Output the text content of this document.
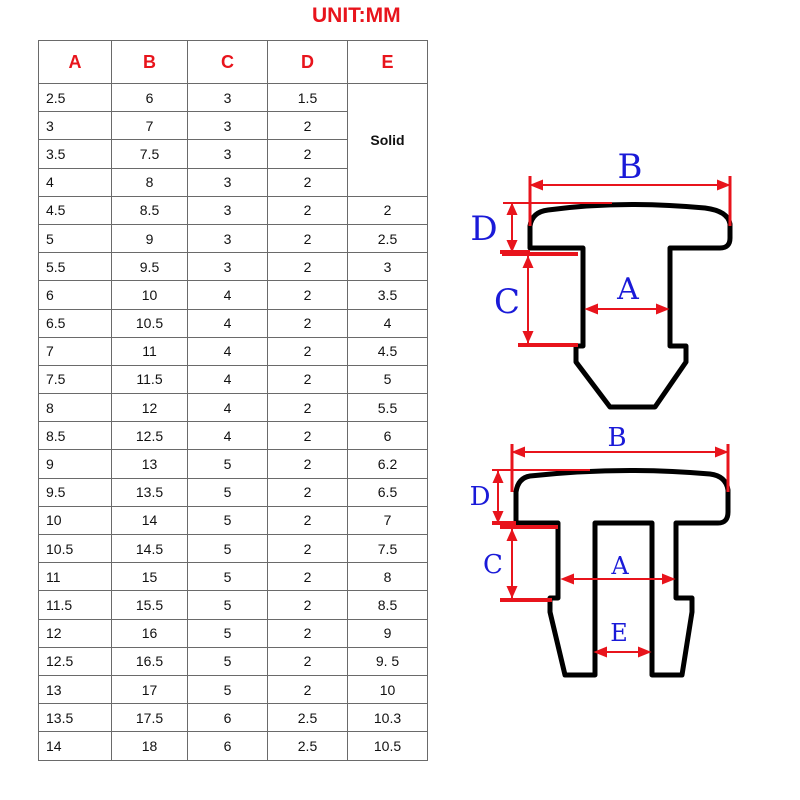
UNIT:MM
A	B	C	D	E
2.5	6	3	1.5	Solid
3	7	3	2	
3.5	7.5	3	2	
4	8	3	2	
4.5	8.5	3	2	2
5	9	3	2	2.5
5.5	9.5	3	2	3
6	10	4	2	3.5
6.5	10.5	4	2	4
7	11	4	2	4.5
7.5	11.5	4	2	5
8	12	4	2	5.5
8.5	12.5	4	2	6
9	13	5	2	6.2
9.5	13.5	5	2	6.5
10	14	5	2	7
10.5	14.5	5	2	7.5
11	15	5	2	8
11.5	15.5	5	2	8.5
12	16	5	2	9
12.5	16.5	5	2	9. 5
13	17	5	2	10
13.5	17.5	6	2.5	10.3
14	18	6	2.5	10.5
B
D
C	A
B
D
C	A
E
